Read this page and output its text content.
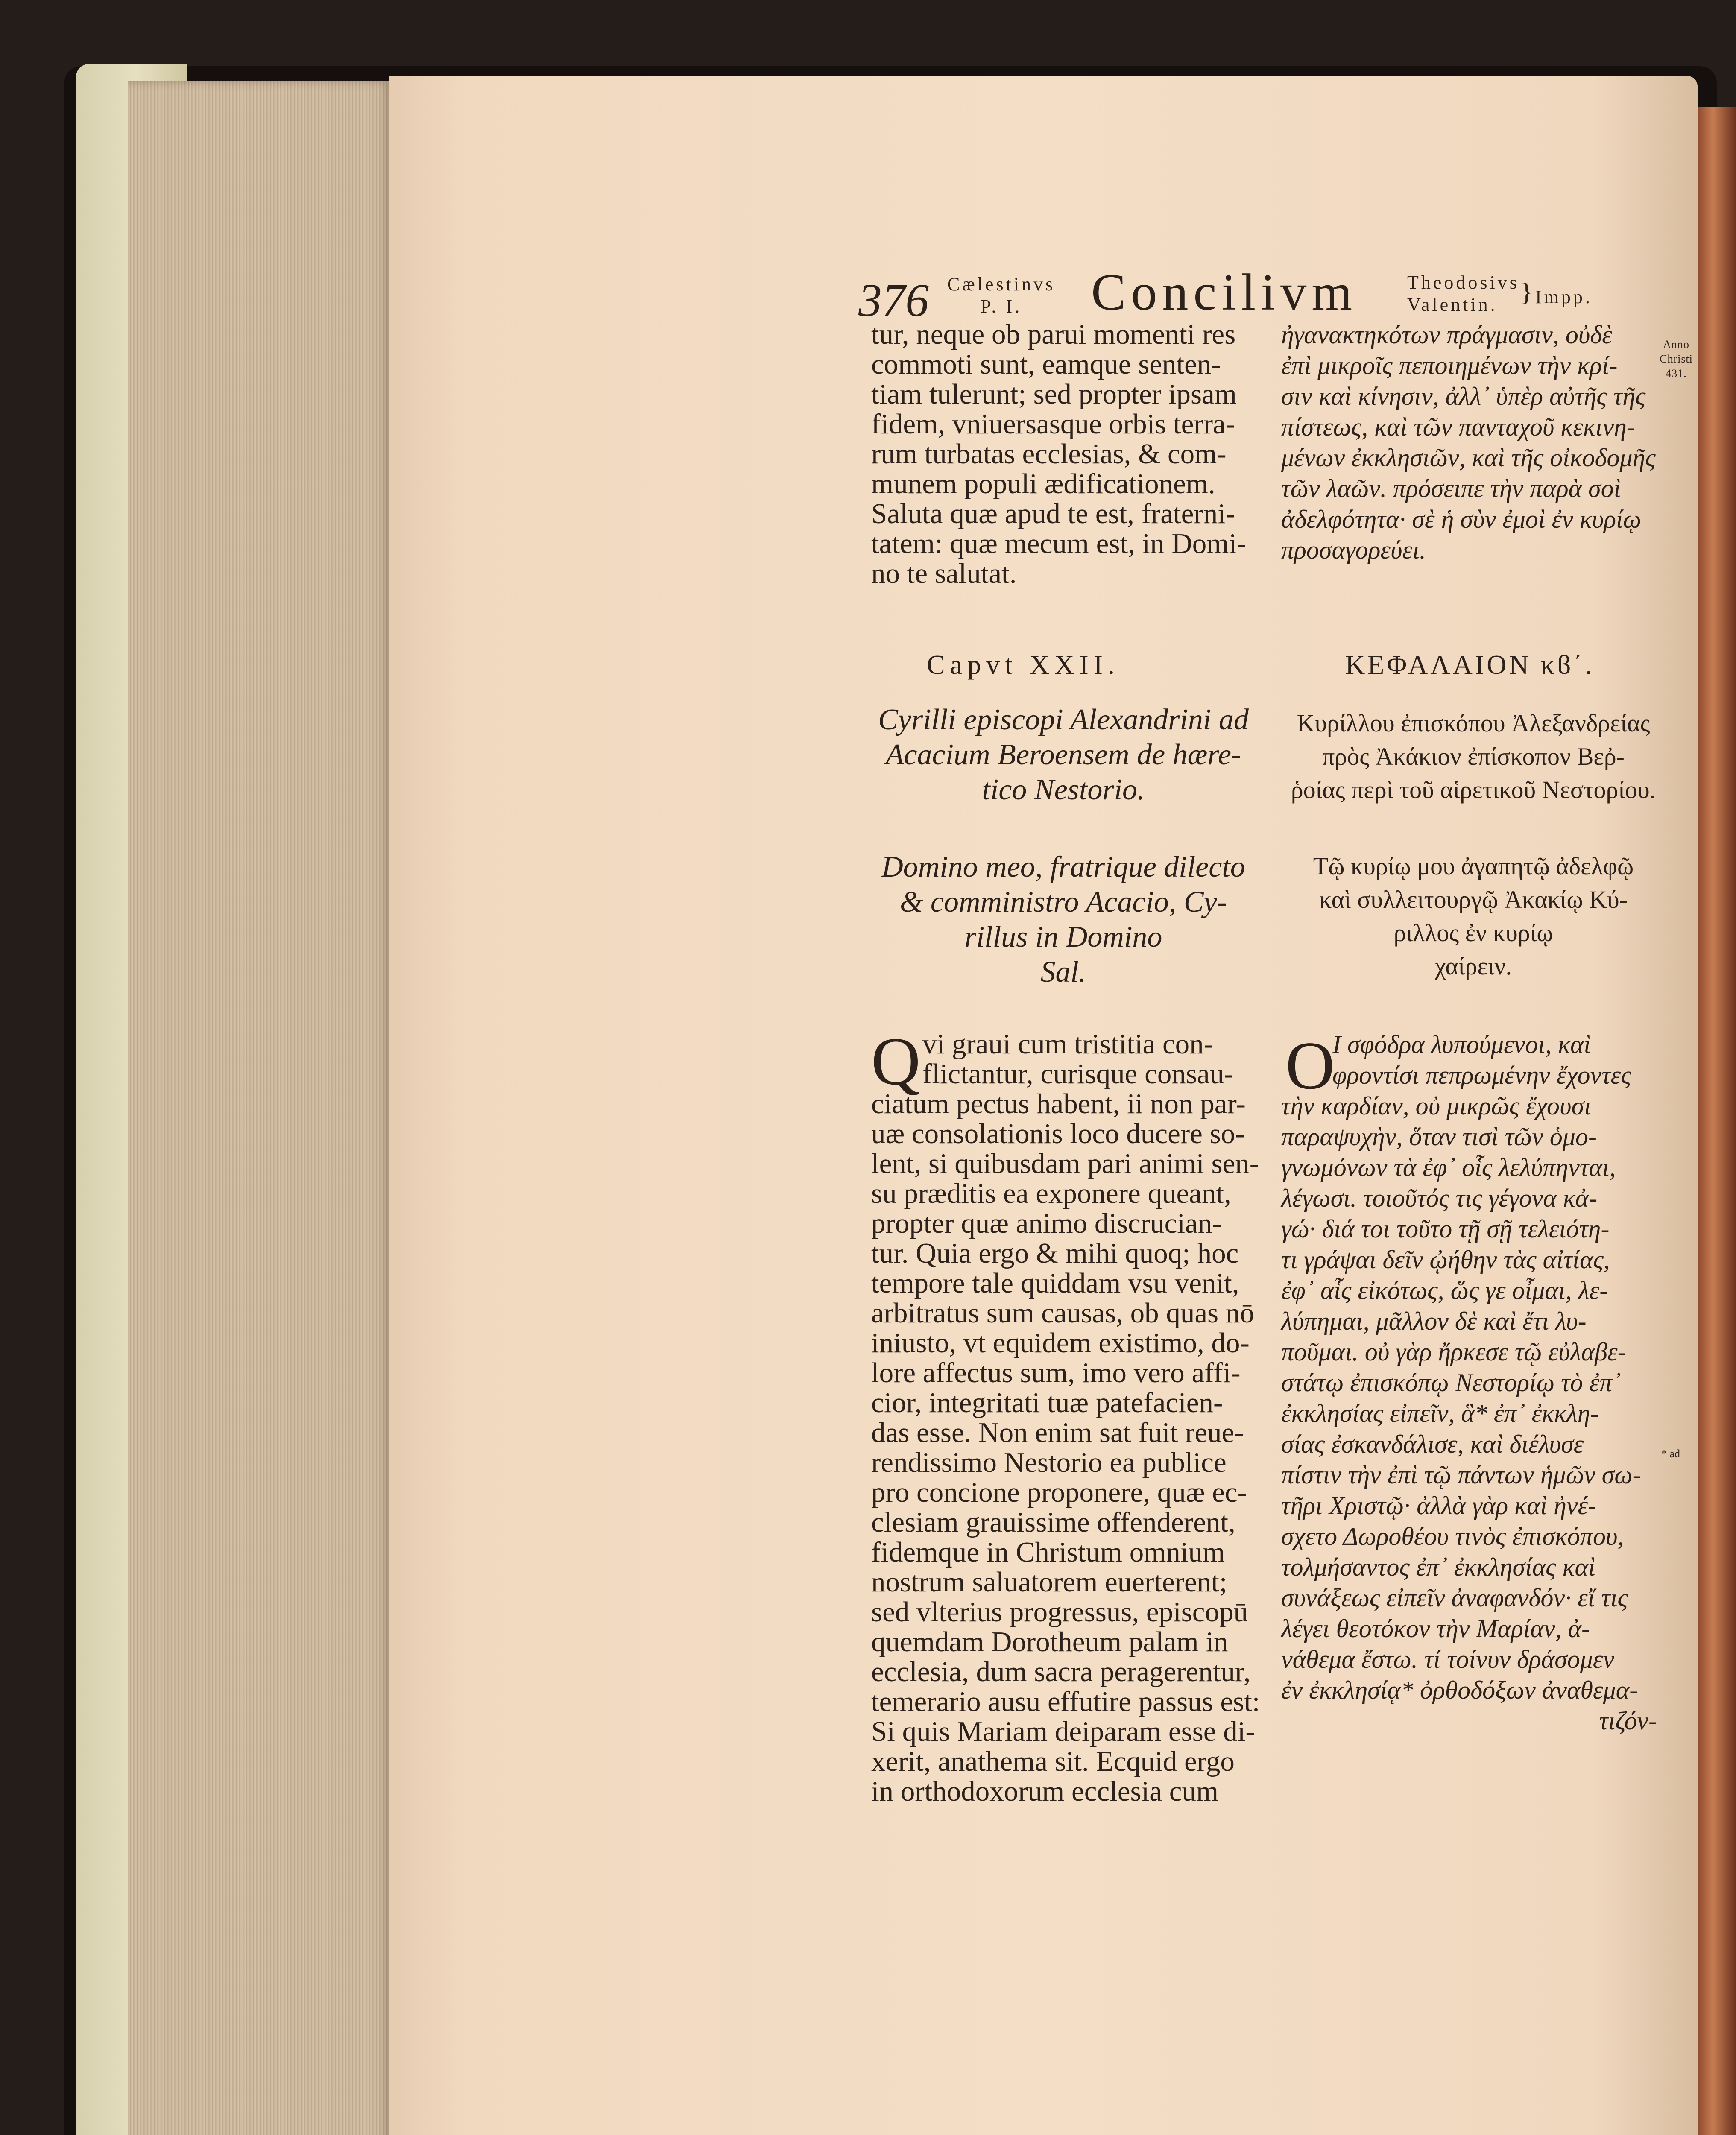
376 Cælestinvs
P. I.	Concilivm	Theodosivs
Valentin. } Impp.
Anno
Christi
431.
* ad
tur, neque ob parui momenti res
commoti sunt, eamque senten-
tiam tulerunt; sed propter ipsam
fidem, vniuersasque orbis terra-
rum turbatas ecclesias, & com-
munem populi ædificationem.
Saluta quæ apud te est, fraterni-
tatem: quæ mecum est, in Domi-
no te salutat.
ἠγανακτηκότων πράγμασιν, οὐδὲ
ἐπὶ μικροῖς πεποιημένων τὴν κρί-
σιν καὶ κίνησιν, ἀλλ᾽ ὑπὲρ αὐτῆς τῆς
πίστεως, καὶ τῶν πανταχοῦ κεκινη-
μένων ἐκκλησιῶν, καὶ τῆς οἰκοδομῆς
τῶν λαῶν. πρόσειπε τὴν παρὰ σοὶ
ἀδελφότητα· σὲ ἡ σὺν ἐμοὶ ἐν κυρίῳ
προσαγορεύει.
Capvt XXII.	ΚΕΦΑΛΑΙΟΝ κϐ΄.
Cyrilli episcopi Alexandrini ad
Acacium Beroensem de hære-
tico Nestorio.
Κυρίλλου ἐπισκόπου Ἀλεξανδρείας
πρὸς Ἀκάκιον ἐπίσκοπον Βεῤ-
ῥοίας περὶ τοῦ αἱρετικοῦ Νεστορίου.
Domino meo, fratrique dilecto
& comministro Acacio, Cy-
rillus in Domino
Sal.
Τῷ κυρίῳ μου ἀγαπητῷ ἀδελφῷ
καὶ συλλειτουργῷ Ἀκακίῳ Κύ-
ριλλος ἐν κυρίῳ
χαίρειν.
Q vi graui cum tristitia con-
flictantur, curisque consau-
ciatum pectus habent, ii non par-
uæ consolationis loco ducere so-
lent, si quibusdam pari animi sen-
su præditis ea exponere queant,
propter quæ animo discrucian-
tur. Quia ergo & mihi quoq; hoc
tempore tale quiddam vsu venit,
arbitratus sum causas, ob quas nō
iniusto, vt equidem existimo, do-
lore affectus sum, imo vero affi-
cior, integritati tuæ patefacien-
das esse. Non enim sat fuit reue-
rendissimo Nestorio ea publice
pro concione proponere, quæ ec-
clesiam grauissime offenderent,
fidemque in Christum omnium
nostrum saluatorem euerterent;
sed vlterius progressus, episcopū
quemdam Dorotheum palam in
ecclesia, dum sacra peragerentur,
temerario ausu effutire passus est:
Si quis Mariam deiparam esse di-
xerit, anathema sit. Ecquid ergo
in orthodoxorum ecclesia cum
Ο
Ι σφόδρα λυπούμενοι, καὶ
φροντίσι πεπρωμένην ἔχοντες
τὴν καρδίαν, οὐ μικρῶς ἔχουσι
παραψυχὴν, ὅταν τισὶ τῶν ὁμο-
γνωμόνων τὰ ἐφ᾽ οἷς λελύπηνται,
λέγωσι. τοιοῦτός τις γέγονα κἀ-
γώ· διά τοι τοῦτο τῇ σῇ τελειότη-
τι γράψαι δεῖν ᾠήθην τὰς αἰτίας,
ἐφ᾽ αἷς εἰκότως, ὥς γε οἶμαι, λε-
λύπημαι, μᾶλλον δὲ καὶ ἔτι λυ-
ποῦμαι. οὐ γὰρ ἤρκεσε τῷ εὐλαβε-
στάτῳ ἐπισκόπῳ Νεστορίῳ τὸ ἐπ᾽
ἐκκλησίας εἰπεῖν, ἃ* ἐπ᾽ ἐκκλη-
σίας ἐσκανδάλισε, καὶ διέλυσε
πίστιν τὴν ἐπὶ τῷ πάντων ἡμῶν σω-
τῆρι Χριστῷ· ἀλλὰ γὰρ καὶ ἠνέ-
σχετο Δωροθέου τινὸς ἐπισκόπου,
τολμήσαντος ἐπ᾽ ἐκκλησίας καὶ
συνάξεως εἰπεῖν ἀναφανδόν· εἴ τις
λέγει θεοτόκον τὴν Μαρίαν, ἀ-
νάθεμα ἔστω. τί τοίνυν δράσομεν
ἐν ἐκκλησίᾳ* ὀρθοδόξων ἀναθεμα-
τιζόν-
